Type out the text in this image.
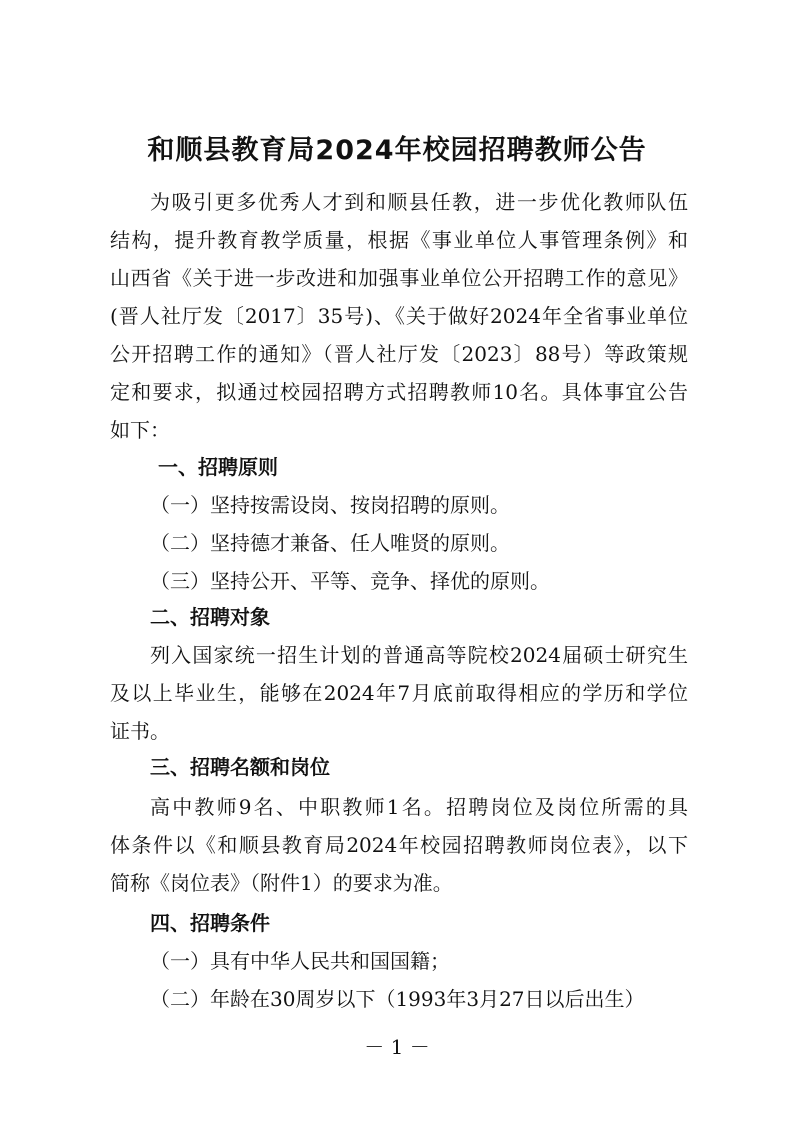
和顺县教育局2024年校园招聘教师公告
为吸引更多优秀人才到和顺县任教，进一步优化教师队伍
结构，提升教育教学质量，根据《事业单位人事管理条例》和
山西省《关于进一步改进和加强事业单位公开招聘工作的意见》
(晋人社厅发〔2017〕35号)、《关于做好2024年全省事业单位
公开招聘工作的通知》（晋人社厅发〔2023〕88号）等政策规
定和要求，拟通过校园招聘方式招聘教师10名。具体事宜公告
如下：
一、招聘原则
（一）坚持按需设岗、按岗招聘的原则。
（二）坚持德才兼备、任人唯贤的原则。
（三）坚持公开、平等、竞争、择优的原则。
二、招聘对象
列入国家统一招生计划的普通高等院校2024届硕士研究生
及以上毕业生，能够在2024年7月底前取得相应的学历和学位
证书。
三、招聘名额和岗位
高中教师9名、中职教师1名。招聘岗位及岗位所需的具
体条件以《和顺县教育局2024年校园招聘教师岗位表》，以下
简称《岗位表》（附件1）的要求为准。
四、招聘条件
（一）具有中华人民共和国国籍；
（二）年龄在30周岁以下（1993年3月27日以后出生）
－ 1 －
